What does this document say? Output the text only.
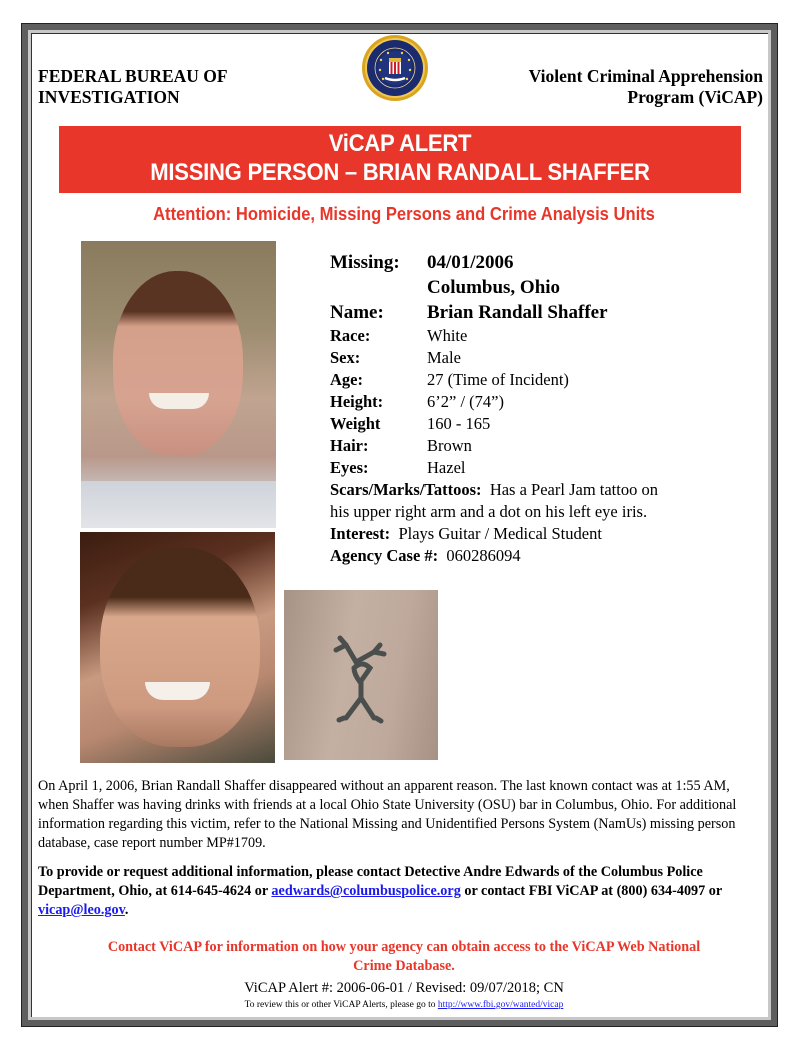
FEDERAL BUREAU OF
INVESTIGATION
Violent Criminal Apprehension
Program (ViCAP)
ViCAP ALERT
MISSING PERSON – BRIAN RANDALL SHAFFER
Attention: Homicide, Missing Persons and Crime Analysis Units
Missing:	04/01/2006
Columbus, Ohio
Name:	Brian Randall Shaffer
Race:	White
Sex:	Male
Age:	27 (Time of Incident)
Height:	6’2” / (74”)
Weight	160 - 165
Hair:	Brown
Eyes:	Hazel
Scars/Marks/Tattoos: Has a Pearl Jam tattoo on his upper right arm and a dot on his left eye iris.
Interest: Plays Guitar / Medical Student
Agency Case #: 060286094
On April 1, 2006, Brian Randall Shaffer disappeared without an apparent reason. The last known contact was at 1:55 AM, when Shaffer was having drinks with friends at a local Ohio State University (OSU) bar in Columbus, Ohio. For additional information regarding this victim, refer to the National Missing and Unidentified Persons System (NamUs) missing person database, case report number MP#1709.
To provide or request additional information, please contact Detective Andre Edwards of the Columbus Police Department, Ohio, at 614-645-4624 or aedwards@columbuspolice.org or contact FBI ViCAP at (800) 634-4097 or vicap@leo.gov.
Contact ViCAP for information on how your agency can obtain access to the ViCAP Web National Crime Database.
ViCAP Alert #: 2006-06-01 / Revised: 09/07/2018; CN
To review this or other ViCAP Alerts, please go to http://www.fbi.gov/wanted/vicap
